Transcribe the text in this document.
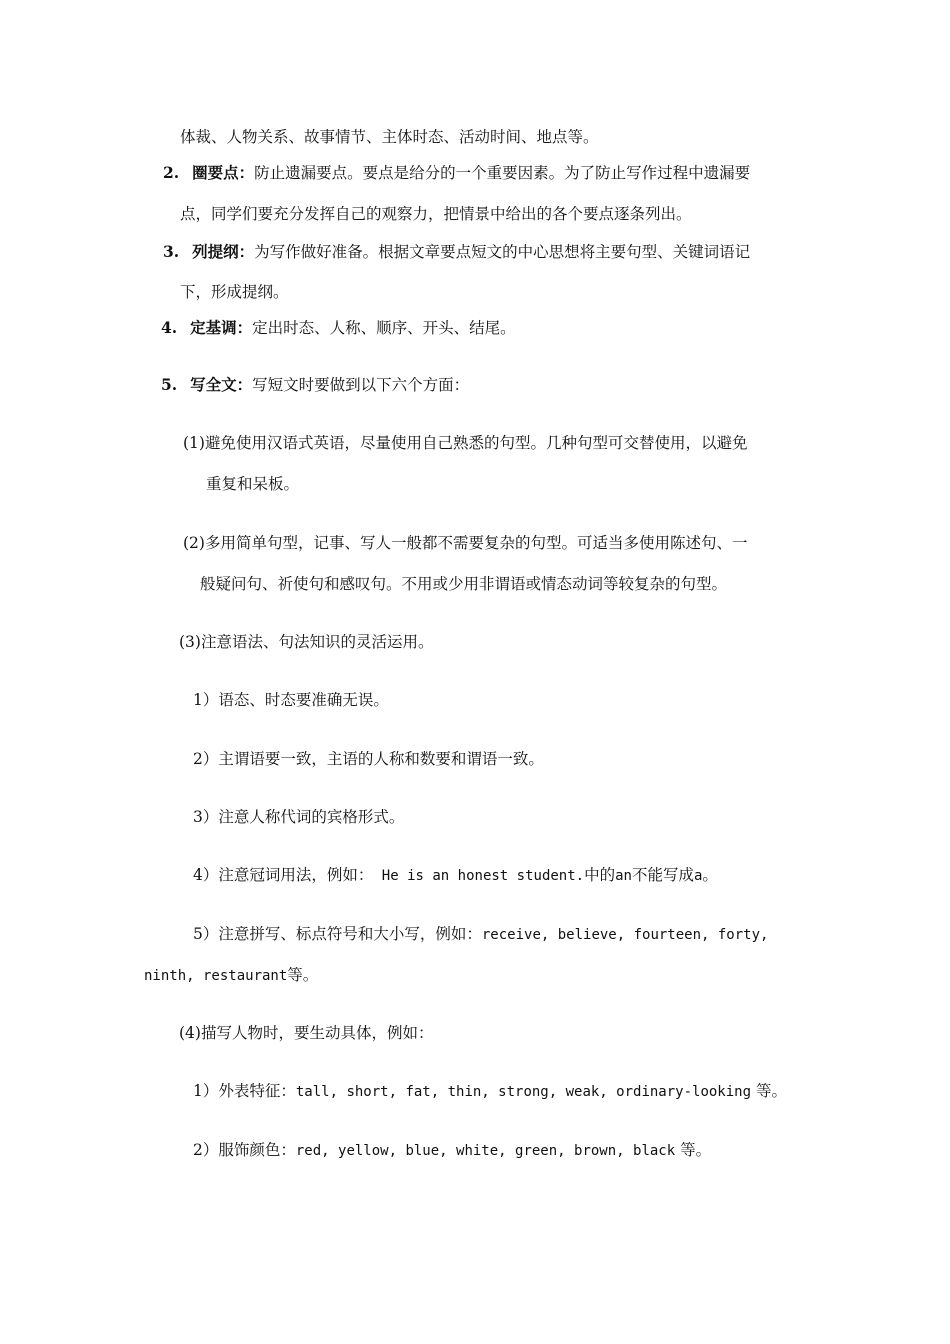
体裁、人物关系、故事情节、主体时态、活动时间、地点等。
2. 圈要点：防止遗漏要点。要点是给分的一个重要因素。为了防止写作过程中遗漏要
点，同学们要充分发挥自己的观察力，把情景中给出的各个要点逐条列出。
3. 列提纲：为写作做好准备。根据文章要点短文的中心思想将主要句型、关键词语记
下，形成提纲。
4. 定基调：定出时态、人称、顺序、开头、结尾。
5. 写全文：写短文时要做到以下六个方面：
(1)避免使用汉语式英语，尽量使用自己熟悉的句型。几种句型可交替使用，以避免
重复和呆板。
(2)多用简单句型，记事、写人一般都不需要复杂的句型。可适当多使用陈述句、一
般疑问句、祈使句和感叹句。不用或少用非谓语或情态动词等较复杂的句型。
(3)注意语法、句法知识的灵活运用。
1）语态、时态要准确无误。
2）主谓语要一致，主语的人称和数要和谓语一致。
3）注意人称代词的宾格形式。
4）注意冠词用法，例如： He is an honest student.中的an不能写成a。
5）注意拼写、标点符号和大小写，例如：receive, believe, fourteen, forty,
ninth, restaurant等。
(4)描写人物时，要生动具体，例如：
1）外表特征：tall, short, fat, thin, strong, weak, ordinary-looking 等。
2）服饰颜色：red, yellow, blue, white, green, brown, black 等。
